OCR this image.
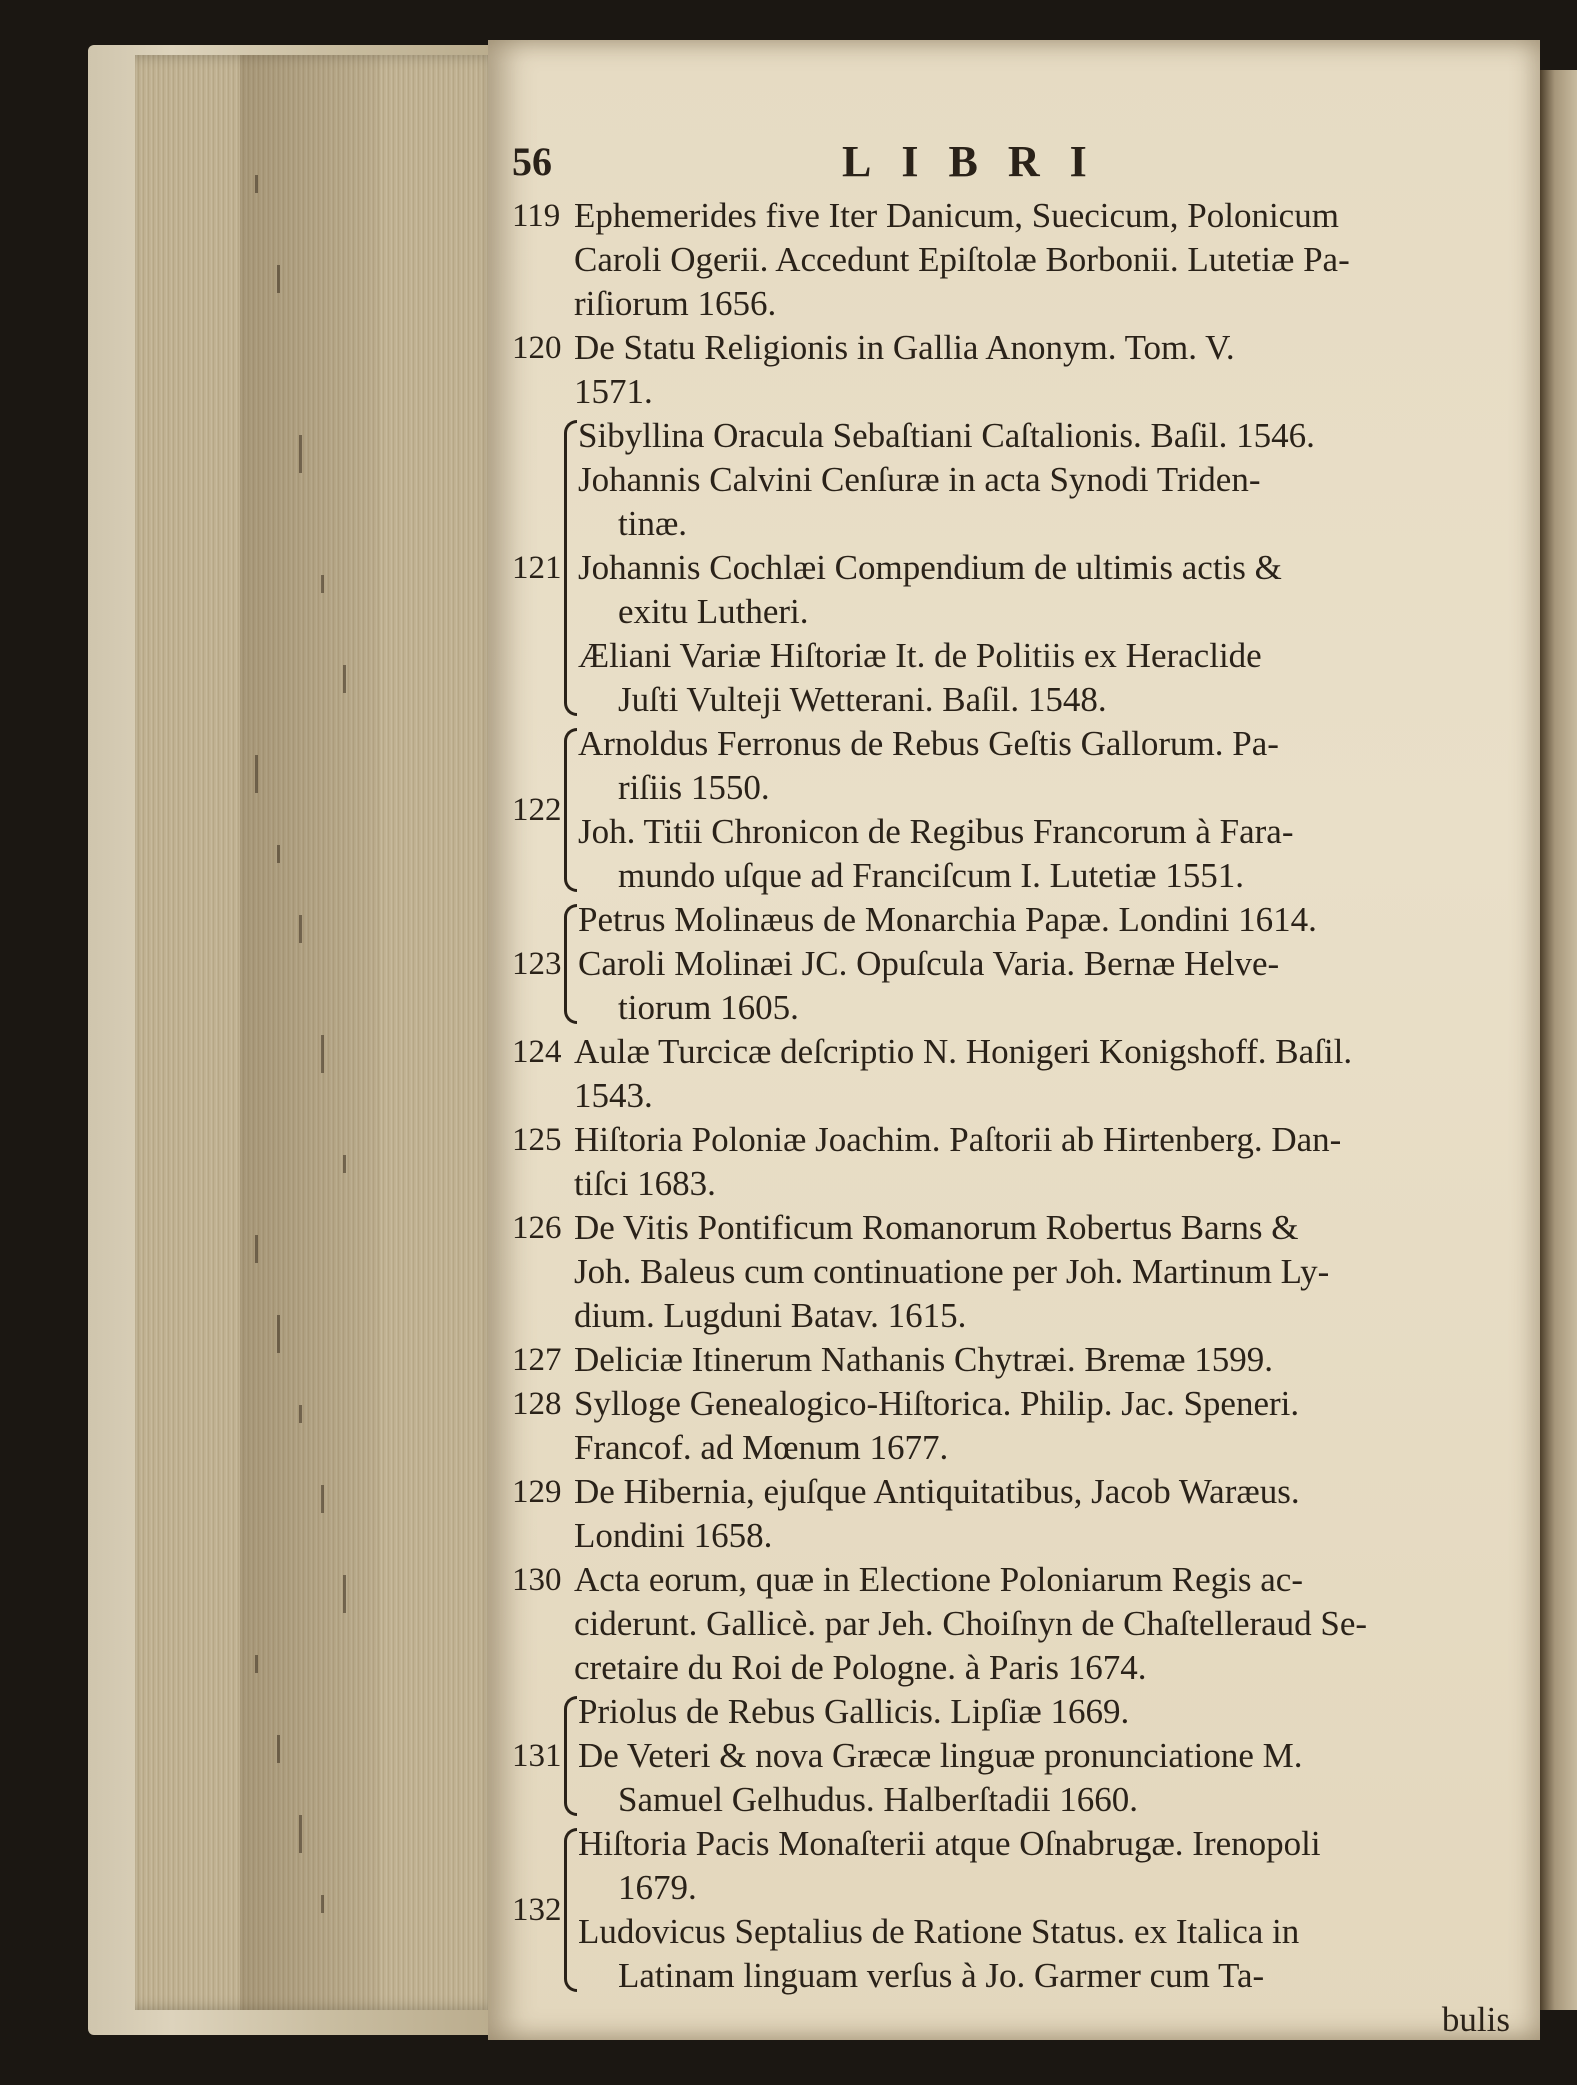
56	LIBRI
119 Ephemerides five Iter Danicum, Suecicum, Polonicum
Caroli Ogerii. Accedunt Epiſtolæ Borbonii. Lutetiæ Pa-
riſiorum 1656.
120 De Statu Religionis in Gallia Anonym. Tom. V.
1571.
121
Sibyllina Oracula Sebaſtiani Caſtalionis. Baſil. 1546.
Johannis Calvini Cenſuræ in acta Synodi Triden-
tinæ.
Johannis Cochlæi Compendium de ultimis actis &
exitu Lutheri.
Æliani Variæ Hiſtoriæ It. de Politiis ex Heraclide
Juſti Vulteji Wetterani. Baſil. 1548.
122
Arnoldus Ferronus de Rebus Geſtis Gallorum. Pa-
riſiis 1550.
Joh. Titii Chronicon de Regibus Francorum à Fara-
mundo uſque ad Franciſcum I. Lutetiæ 1551.
123
Petrus Molinæus de Monarchia Papæ. Londini 1614.
Caroli Molinæi JC. Opuſcula Varia. Bernæ Helve-
tiorum 1605.
124 Aulæ Turcicæ deſcriptio N. Honigeri Konigshoff. Baſil.
1543.
125 Hiſtoria Poloniæ Joachim. Paſtorii ab Hirtenberg. Dan-
tiſci 1683.
126 De Vitis Pontificum Romanorum Robertus Barns &
Joh. Baleus cum continuatione per Joh. Martinum Ly-
dium. Lugduni Batav. 1615.
127 Deliciæ Itinerum Nathanis Chytræi. Bremæ 1599.
128 Sylloge Genealogico-Hiſtorica. Philip. Jac. Speneri.
Francof. ad Mœnum 1677.
129 De Hibernia, ejuſque Antiquitatibus, Jacob Waræus.
Londini 1658.
130 Acta eorum, quæ in Electione Poloniarum Regis ac-
ciderunt. Gallicè. par Jeh. Choiſnyn de Chaſtelleraud Se-
cretaire du Roi de Pologne. à Paris 1674.
131
Priolus de Rebus Gallicis. Lipſiæ 1669.
De Veteri & nova Græcæ linguæ pronunciatione M.
Samuel Gelhudus. Halberſtadii 1660.
132
Hiſtoria Pacis Monaſterii atque Oſnabrugæ. Irenopoli
1679.
Ludovicus Septalius de Ratione Status. ex Italica in
Latinam linguam verſus à Jo. Garmer cum Ta-
bulis
